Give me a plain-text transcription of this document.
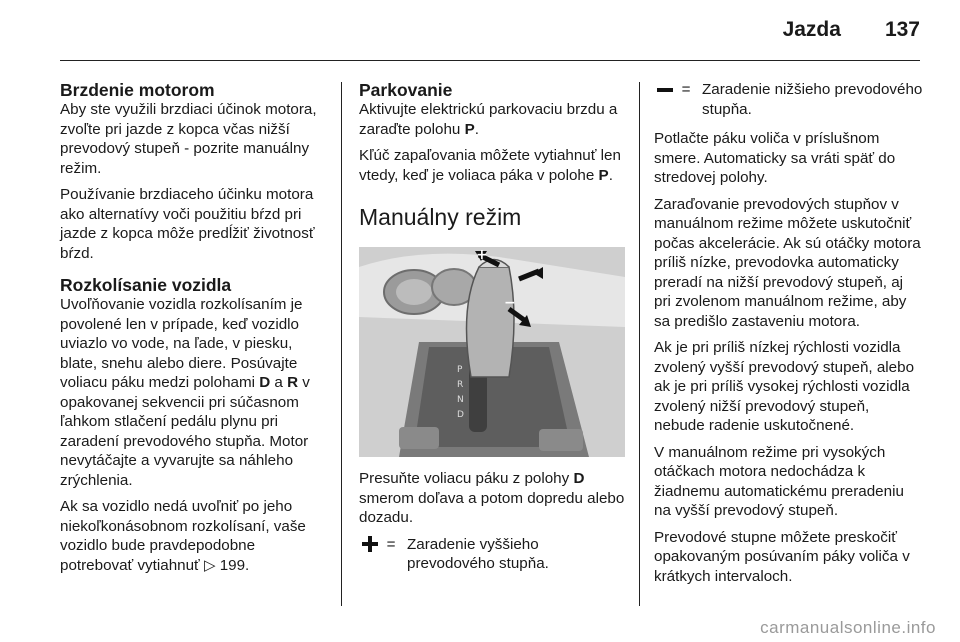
Jazda 137
Brzdenie motorom

Aby ste využili brzdiaci účinok motora, zvoľte pri jazde z kopca včas nižší prevodový stupeň - pozrite manuálny režim.

Používanie brzdiaceho účinku motora ako alternatívy voči použitiu bŕzd pri jazde z kopca môže predĺžiť životnosť bŕzd.

Rozkolísanie vozidla

Uvoľňovanie vozidla rozkolísaním je povolené len v prípade, keď vozidlo uviazlo vo vode, na ľade, v piesku, blate, snehu alebo diere. Posúvajte voliacu páku medzi polohami D a R v opakovanej sekvencii pri súčasnom ľahkom stlačení pedálu plynu pri zaradení prevodového stupňa. Motor nevytáčajte a vyvarujte sa náhleho zrýchlenia.

Ak sa vozidlo nedá uvoľniť po jeho niekoľkonásobnom rozkolísaní, vaše vozidlo bude pravdepodobne potrebovať vytiahnuť ▷ 199.

Parkovanie

Aktivujte elektrickú parkovaciu brzdu a zaraďte polohu P.

Kľúč zapaľovania môžete vytiahnuť len vtedy, keď je voliaca páka v polohe P.

Manuálny režim
P
R
N
D
+
−

Presuňte voliacu páku z polohy D smerom doľava a potom dopredu alebo dozadu.

= Zaradenie vyššieho prevodového stupňa.
= Zaradenie nižšieho prevodového stupňa.

Potlačte páku voliča v príslušnom smere. Automaticky sa vráti späť do stredovej polohy.

Zaraďovanie prevodových stupňov v manuálnom režime môžete uskutočniť počas akcelerácie. Ak sú otáčky motora príliš nízke, prevodovka automaticky preradí na nižší prevodový stupeň, aj pri zvolenom manuálnom režime, aby sa predišlo zastaveniu motora.

Ak je pri príliš nízkej rýchlosti vozidla zvolený vyšší prevodový stupeň, alebo ak je pri príliš vysokej rýchlosti vozidla zvolený nižší prevodový stupeň, nebude radenie uskutočnené.

V manuálnom režime pri vysokých otáčkach motora nedochádza k žiadnemu automatickému preradeniu na vyšší prevodový stupeň.

Prevodové stupne môžete preskočiť opakovaným posúvaním páky voliča v krátkych intervaloch.

carmanualsonline.info
